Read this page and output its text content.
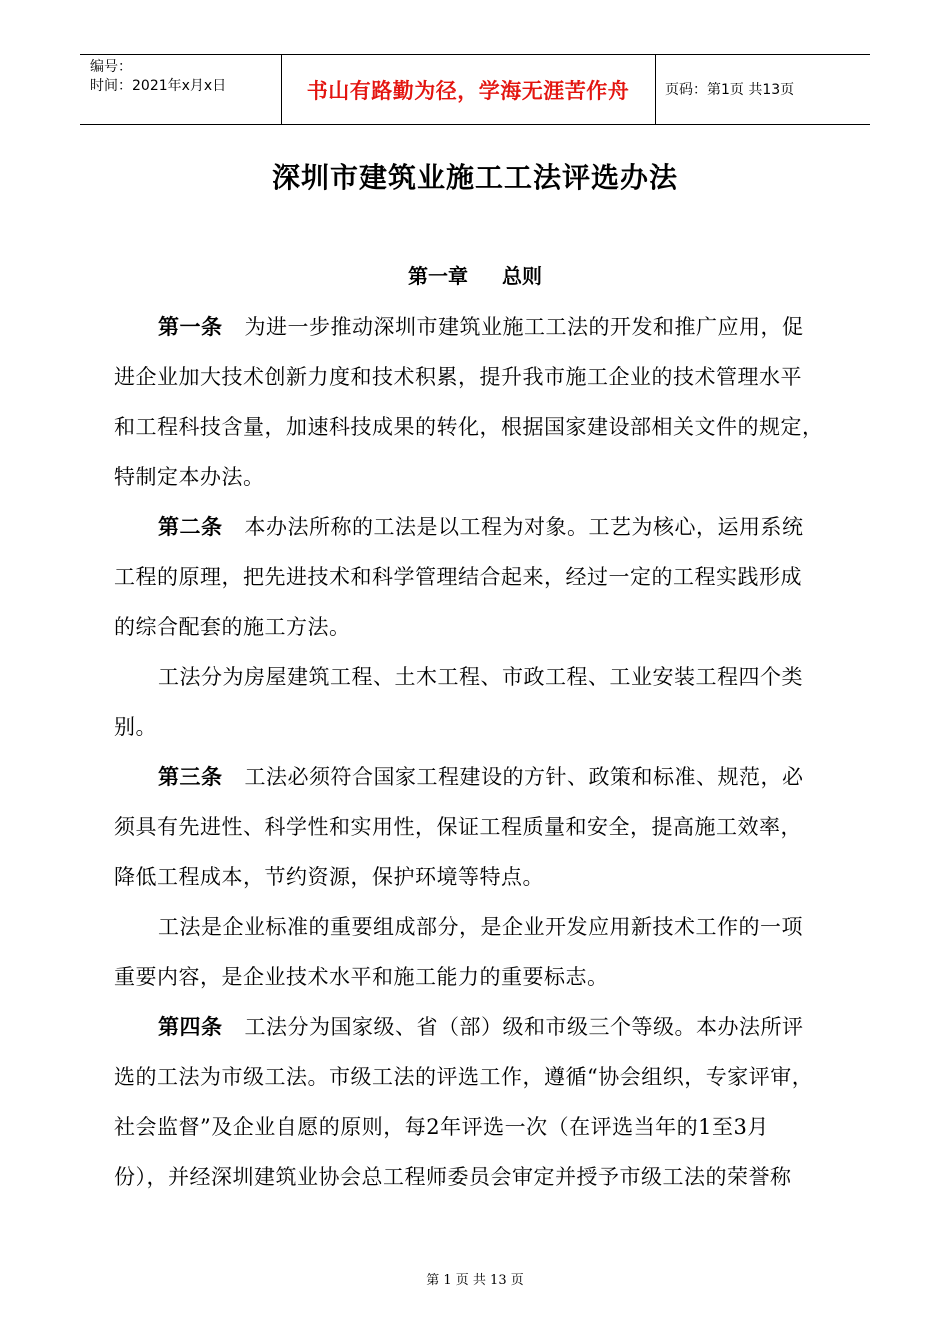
编号：
时间：2021年x月x日	书山有路勤为径，学海无涯苦作舟	页码：第1页 共13页
深圳市建筑业施工工法评选办法
第一章 总则
第一条 为进一步推动深圳市建筑业施工工法的开发和推广应用，促
进企业加大技术创新力度和技术积累，提升我市施工企业的技术管理水平
和工程科技含量，加速科技成果的转化，根据国家建设部相关文件的规定，
特制定本办法。
第二条 本办法所称的工法是以工程为对象。工艺为核心，运用系统
工程的原理，把先进技术和科学管理结合起来，经过一定的工程实践形成
的综合配套的施工方法。
工法分为房屋建筑工程、土木工程、市政工程、工业安装工程四个类
别。
第三条 工法必须符合国家工程建设的方针、政策和标准、规范，必
须具有先进性、科学性和实用性，保证工程质量和安全，提高施工效率，
降低工程成本，节约资源，保护环境等特点。
工法是企业标准的重要组成部分，是企业开发应用新技术工作的一项
重要内容，是企业技术水平和施工能力的重要标志。
第四条 工法分为国家级、省（部）级和市级三个等级。本办法所评
选的工法为市级工法。市级工法的评选工作，遵循“协会组织，专家评审，
社会监督”及企业自愿的原则，每2年评选一次（在评选当年的1至3月
份），并经深圳建筑业协会总工程师委员会审定并授予市级工法的荣誉称
第 1 页 共 13 页
